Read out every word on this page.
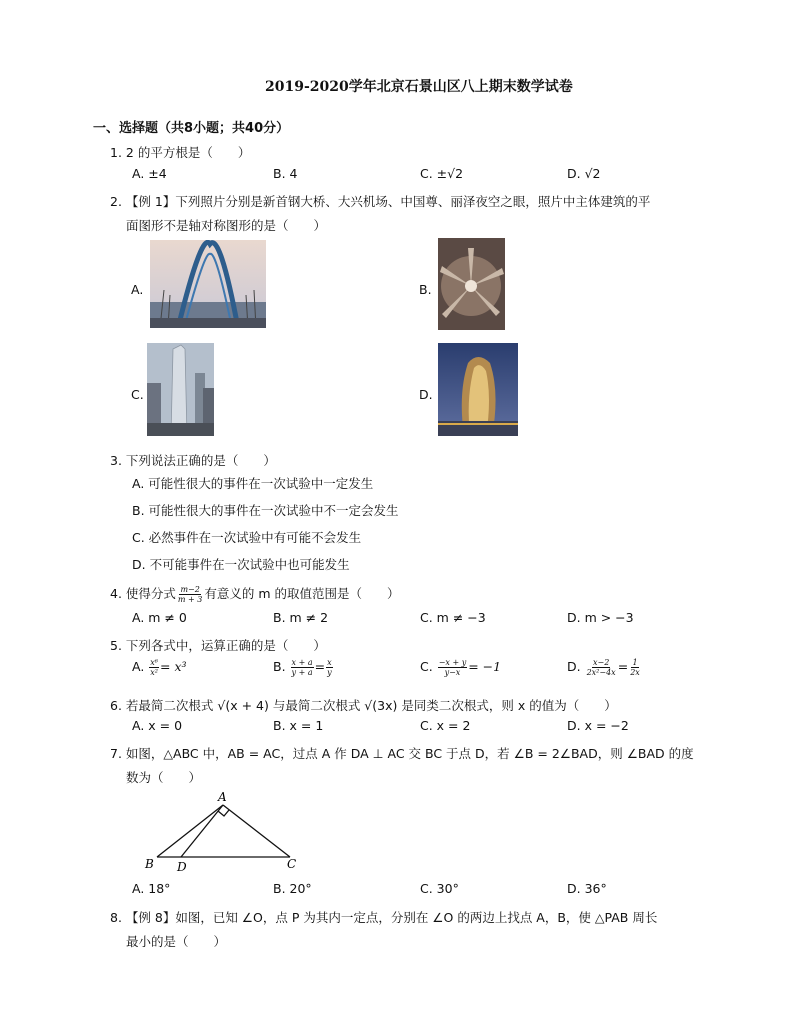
2019-2020学年北京石景山区八上期末数学试卷
一、选择题（共8小题；共40分）
1. 2 的平方根是（　　）
A. ±4	B. 4	C. ±√2	D. √2
2. 【例 1】下列照片分别是新首钢大桥、大兴机场、中国尊、丽泽夜空之眼，照片中主体建筑的平
面图形不是轴对称图形的是（　　）
A.	B.
C.	D.
3. 下列说法正确的是（　　）
A. 可能性很大的事件在一次试验中一定发生
B. 可能性很大的事件在一次试验中不一定会发生
C. 必然事件在一次试验中有可能不会发生
D. 不可能事件在一次试验中也可能发生
4. 使得分式 $\frac{m-2}{m + 3}$ 有意义的 m 的取值范围是（　　）
A. m ≠ 0	B. m ≠ 2	C. m ≠ −3	D. m > −3
5. 下列各式中，运算正确的是（　　）
A. $\frac{\text{x⁶}}{\text{x²}} = x^3$	B. $\frac{x + a}{y + a} = \frac{x}{y}$	C. $\frac{-x + y}{y-x} = -1$	D. $\frac{x-2}{\text{2x²−4x}} = \frac{1}{2x}$
6. 若最简二次根式 √(x + 4) 与最简二次根式 √(3x) 是同类二次根式，则 x 的值为（　　）
A. x = 0	B. x = 1	C. x = 2	D. x = −2
7. 如图，△ABC 中，AB = AC，过点 A 作 DA ⊥ AC 交 BC 于点 D，若 ∠B = 2∠BAD，则 ∠BAD 的度
数为（　　）
A
B D	C
A. 18°	B. 20°	C. 30°	D. 36°
8. 【例 8】如图，已知 ∠O，点 P 为其内一定点，分别在 ∠O 的两边上找点 A，B，使 △PAB 周长
最小的是（　　）
